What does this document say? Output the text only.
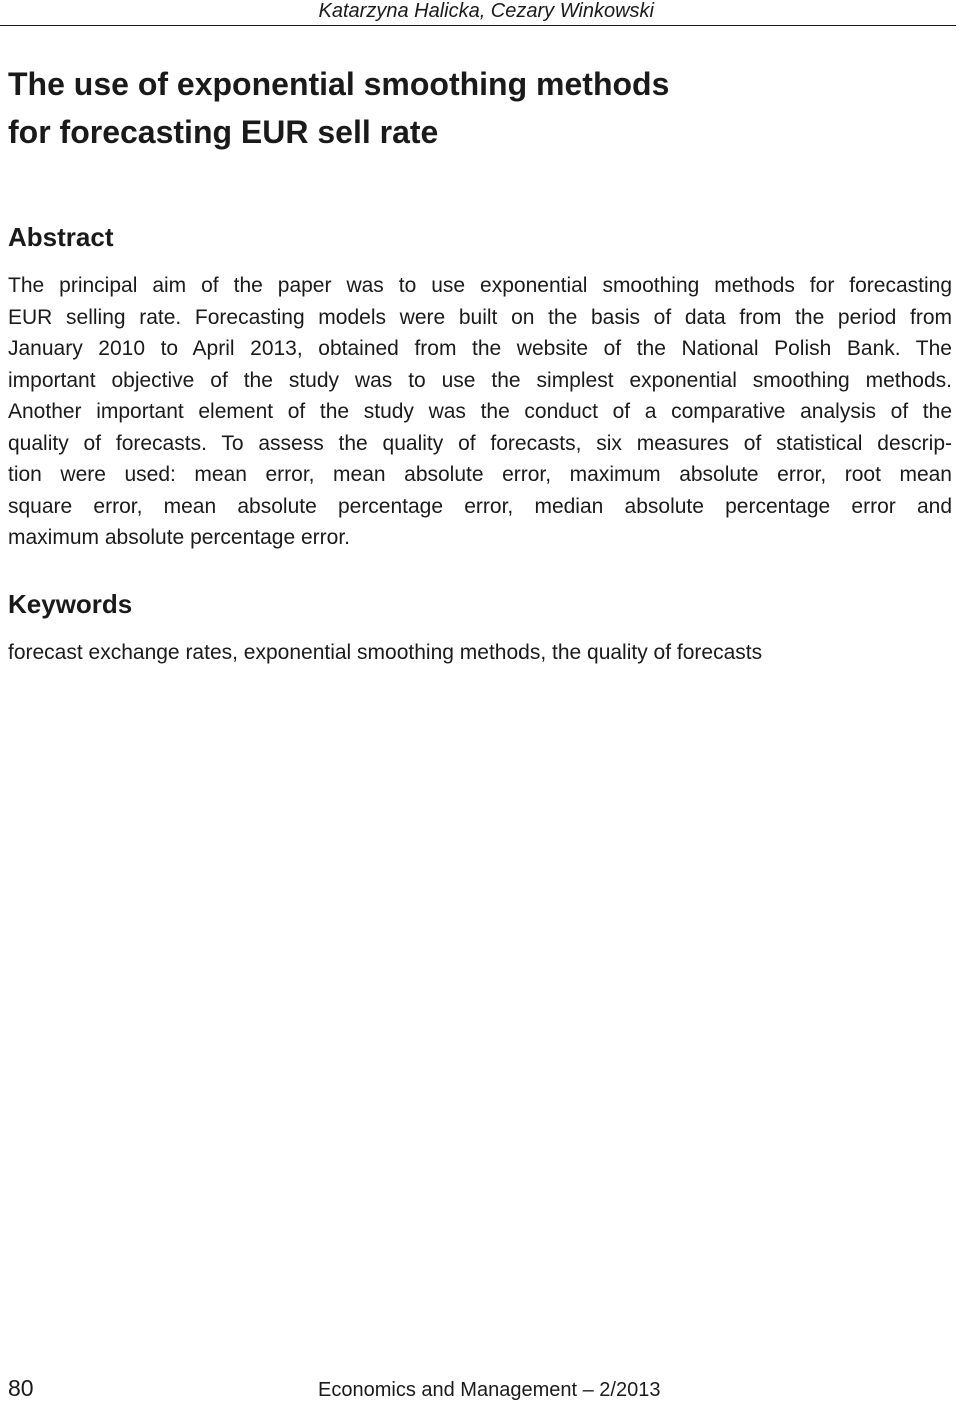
Katarzyna Halicka, Cezary Winkowski
The use of exponential smoothing methods
for forecasting EUR sell rate
Abstract
The principal aim of the paper was to use exponential smoothing methods for forecasting
EUR selling rate. Forecasting models were built on the basis of data from the period from
January 2010 to April 2013, obtained from the website of the National Polish Bank. The
important objective of the study was to use the simplest exponential smoothing methods.
Another important element of the study was the conduct of a comparative analysis of the
quality of forecasts. To assess the quality of forecasts, six measures of statistical descrip-
tion were used: mean error, mean absolute error, maximum absolute error, root mean
square error, mean absolute percentage error, median absolute percentage error and
maximum absolute percentage error.
Keywords

forecast exchange rates, exponential smoothing methods, the quality of forecasts

80	Economics and Management – 2/2013
